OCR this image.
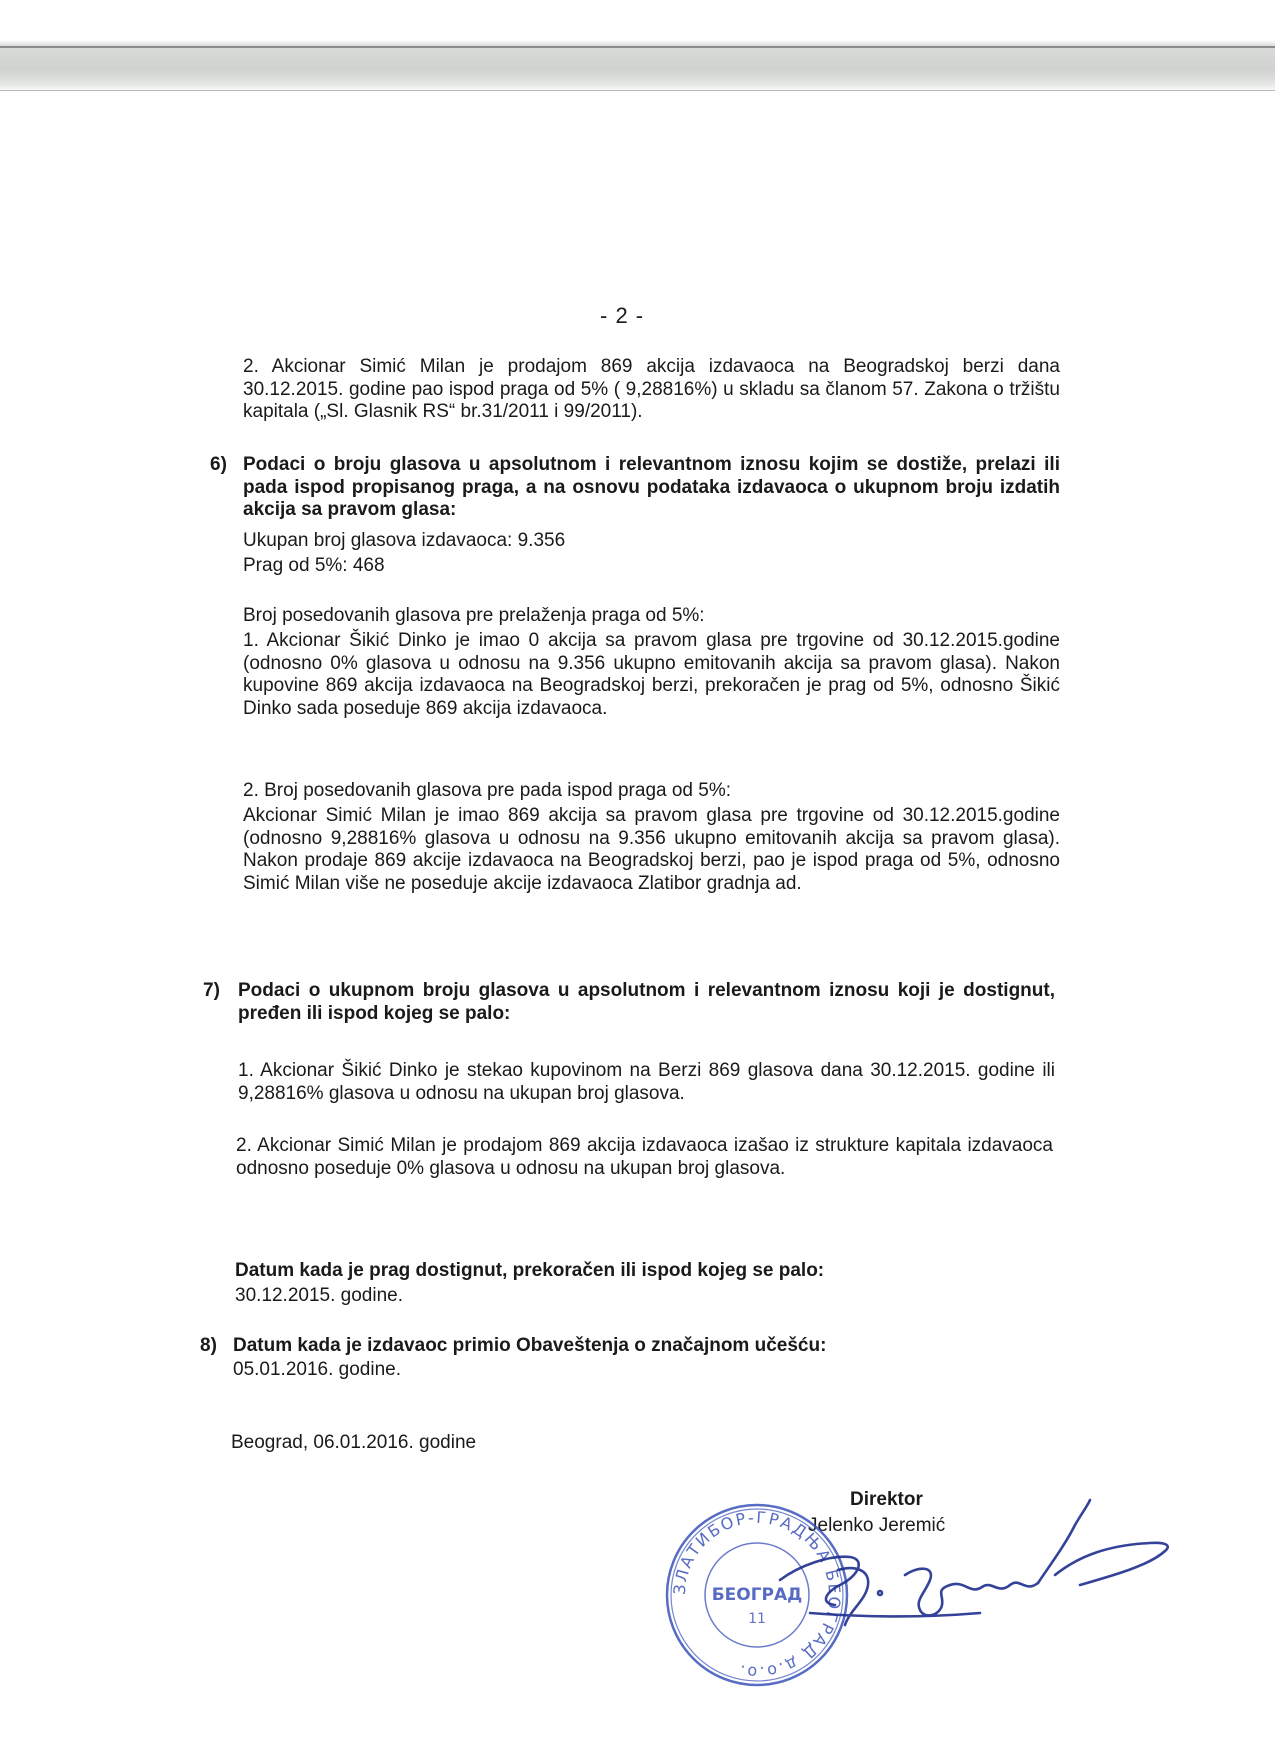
- 2 -
2. Akcionar Simić Milan je prodajom 869 akcija izdavaoca na Beogradskoj berzi dana 30.12.2015. godine pao ispod praga od 5% ( 9,28816%) u skladu sa članom 57. Zakona o tržištu kapitala („Sl. Glasnik RS“ br.31/2011 i 99/2011).
6) Podaci o broju glasova u apsolutnom i relevantnom iznosu kojim se dostiže, prelazi ili pada ispod propisanog praga, a na osnovu podataka izdavaoca o ukupnom broju izdatih akcija sa pravom glasa:
Ukupan broj glasova izdavaoca: 9.356
Prag od 5%: 468
Broj posedovanih glasova pre prelaženja praga od 5%:
1. Akcionar Šikić Dinko je imao 0 akcija sa pravom glasa pre trgovine od 30.12.2015.godine (odnosno 0% glasova u odnosu na 9.356 ukupno emitovanih akcija sa pravom glasa). Nakon kupovine 869 akcija izdavaoca na Beogradskoj berzi, prekoračen je prag od 5%, odnosno Šikić Dinko sada poseduje 869 akcija izdavaoca.
2. Broj posedovanih glasova pre pada ispod praga od 5%:
Akcionar Simić Milan je imao 869 akcija sa pravom glasa pre trgovine od 30.12.2015.godine (odnosno 9,28816% glasova u odnosu na 9.356 ukupno emitovanih akcija sa pravom glasa). Nakon prodaje 869 akcije izdavaoca na Beogradskoj berzi, pao je ispod praga od 5%, odnosno Simić Milan više ne poseduje akcije izdavaoca Zlatibor gradnja ad.
7) Podaci o ukupnom broju glasova u apsolutnom i relevantnom iznosu koji je dostignut, pređen ili ispod kojeg se palo:
1. Akcionar Šikić Dinko je stekao kupovinom na Berzi 869 glasova dana 30.12.2015. godine ili 9,28816% glasova u odnosu na ukupan broj glasova.
2. Akcionar Simić Milan je prodajom 869 akcija izdavaoca izašao iz strukture kapitala izdavaoca odnosno poseduje 0% glasova u odnosu na ukupan broj glasova.
Datum kada je prag dostignut, prekoračen ili ispod kojeg se palo:
30.12.2015. godine.
8) Datum kada je izdavaoc primio Obaveštenja o značajnom učešću:
05.01.2016. godine.
Beograd, 06.01.2016. godine
Direktor
Jelenko Jeremić
ЗЛАТИБОР-ГРАДЊА БЕОГРАД д.о.о.
БЕОГРАД
11
